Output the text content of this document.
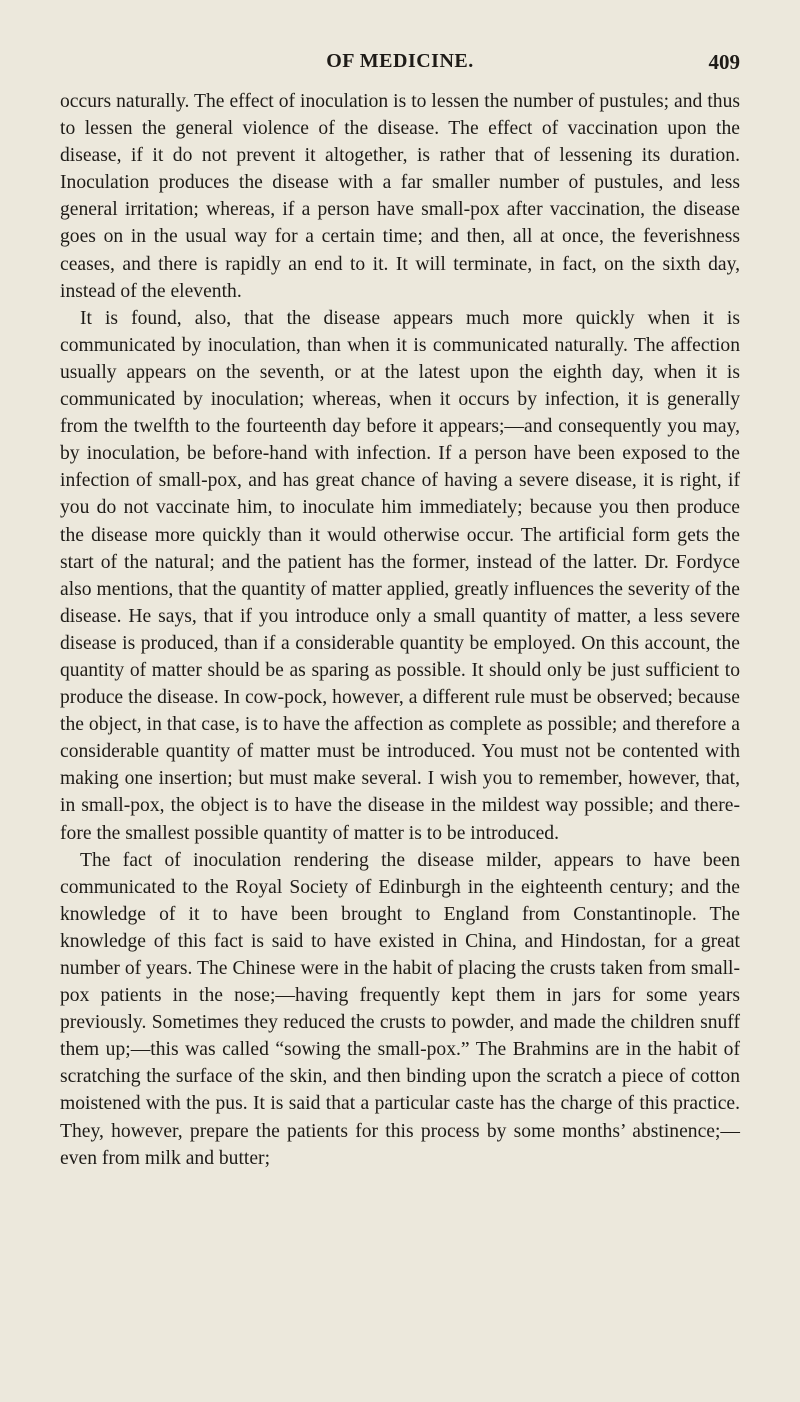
OF MEDICINE.	409

occurs naturally. The effect of inoculation is to lessen the number of pustules; and thus to lessen the general violence of the disease. The effect of vaccination upon the disease, if it do not prevent it altogether, is rather that of lessening its duration. Inoculation produces the disease with a far smaller number of pustules, and less general irritation; whereas, if a person have small-pox after vaccination, the disease goes on in the usual way for a certain time; and then, all at once, the feverishness ceases, and there is rapidly an end to it. It will terminate, in fact, on the sixth day, instead of the eleventh.

It is found, also, that the disease appears much more quickly when it is communicated by inoculation, than when it is communicated naturally. The affection usually appears on the seventh, or at the latest upon the eighth day, when it is communicated by inoculation; whereas, when it occurs by infection, it is generally from the twelfth to the fourteenth day before it appears;—and consequently you may, by inoculation, be before-hand with infection. If a person have been exposed to the infection of small-pox, and has great chance of having a severe disease, it is right, if you do not vaccinate him, to inoculate him immediately; because you then produce the disease more quickly than it would otherwise occur. The artificial form gets the start of the natural; and the patient has the former, instead of the latter. Dr. Fordyce also mentions, that the quantity of matter applied, greatly influences the severity of the disease. He says, that if you introduce only a small quantity of matter, a less severe disease is produced, than if a considerable quantity be employed. On this account, the quantity of matter should be as sparing as possible. It should only be just sufficient to produce the disease. In cow-pock, however, a different rule must be observed; because the object, in that case, is to have the affection as complete as possible; and therefore a considerable quantity of matter must be introduced. You must not be contented with making one insertion; but must make several. I wish you to remember, however, that, in small-pox, the object is to have the disease in the mildest way possible; and therefore the smallest possible quantity of matter is to be introduced.

The fact of inoculation rendering the disease milder, appears to have been communicated to the Royal Society of Edinburgh in the eighteenth century; and the knowledge of it to have been brought to England from Constantinople. The knowledge of this fact is said to have existed in China, and Hindostan, for a great number of years. The Chinese were in the habit of placing the crusts taken from small-pox patients in the nose;—having frequently kept them in jars for some years previously. Sometimes they reduced the crusts to powder, and made the children snuff them up;—this was called “sowing the small-pox.” The Brahmins are in the habit of scratching the surface of the skin, and then binding upon the scratch a piece of cotton moistened with the pus. It is said that a particular caste has the charge of this practice. They, however, prepare the patients for this process by some months’ abstinence;—even from milk and butter;
